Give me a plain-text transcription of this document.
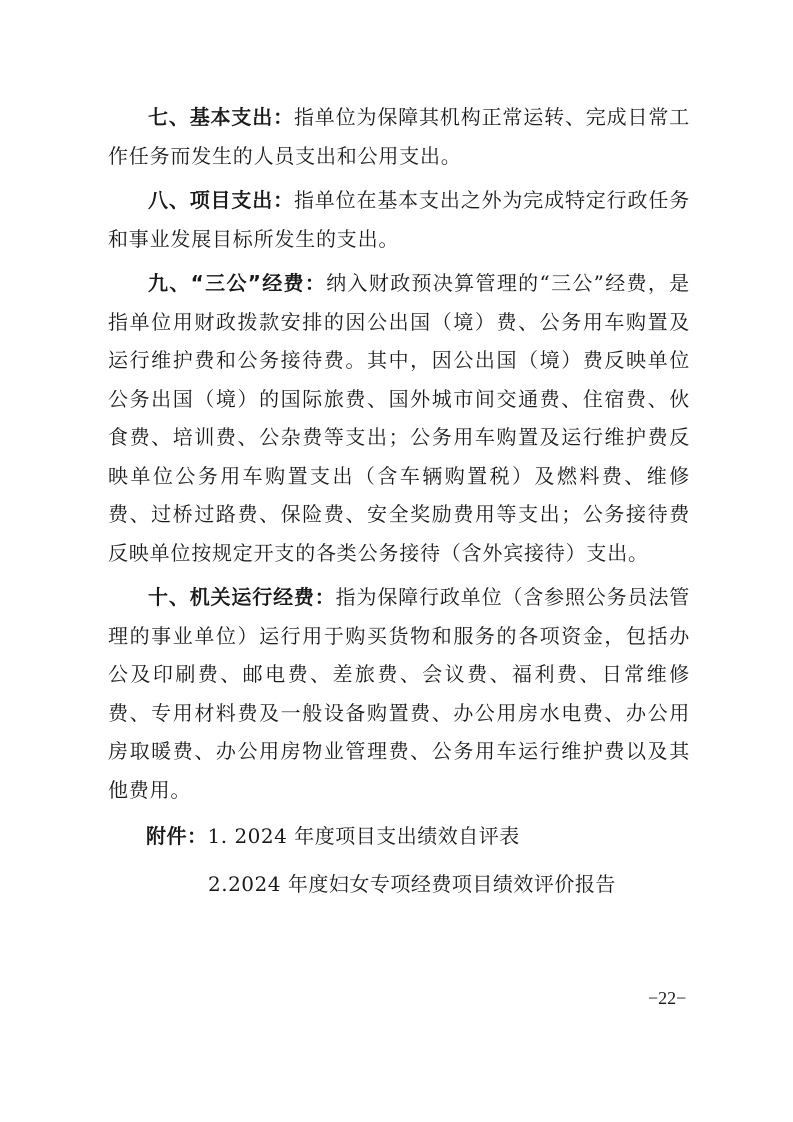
七、基本支出：指单位为保障其机构正常运转、完成日常工作任务而发生的人员支出和公用支出。

八、项目支出：指单位在基本支出之外为完成特定行政任务和事业发展目标所发生的支出。

九、“三公”经费：纳入财政预决算管理的“三公”经费，是指单位用财政拨款安排的因公出国（境）费、公务用车购置及运行维护费和公务接待费。其中，因公出国（境）费反映单位公务出国（境）的国际旅费、国外城市间交通费、住宿费、伙食费、培训费、公杂费等支出；公务用车购置及运行维护费反映单位公务用车购置支出（含车辆购置税）及燃料费、维修费、过桥过路费、保险费、安全奖励费用等支出；公务接待费反映单位按规定开支的各类公务接待（含外宾接待）支出。

十、机关运行经费：指为保障行政单位（含参照公务员法管理的事业单位）运行用于购买货物和服务的各项资金，包括办公及印刷费、邮电费、差旅费、会议费、福利费、日常维修费、专用材料费及一般设备购置费、办公用房水电费、办公用房取暖费、办公用房物业管理费、公务用车运行维护费以及其他费用。

附件：1. 2024 年度项目支出绩效自评表
2.2024 年度妇女专项经费项目绩效评价报告
−22−
